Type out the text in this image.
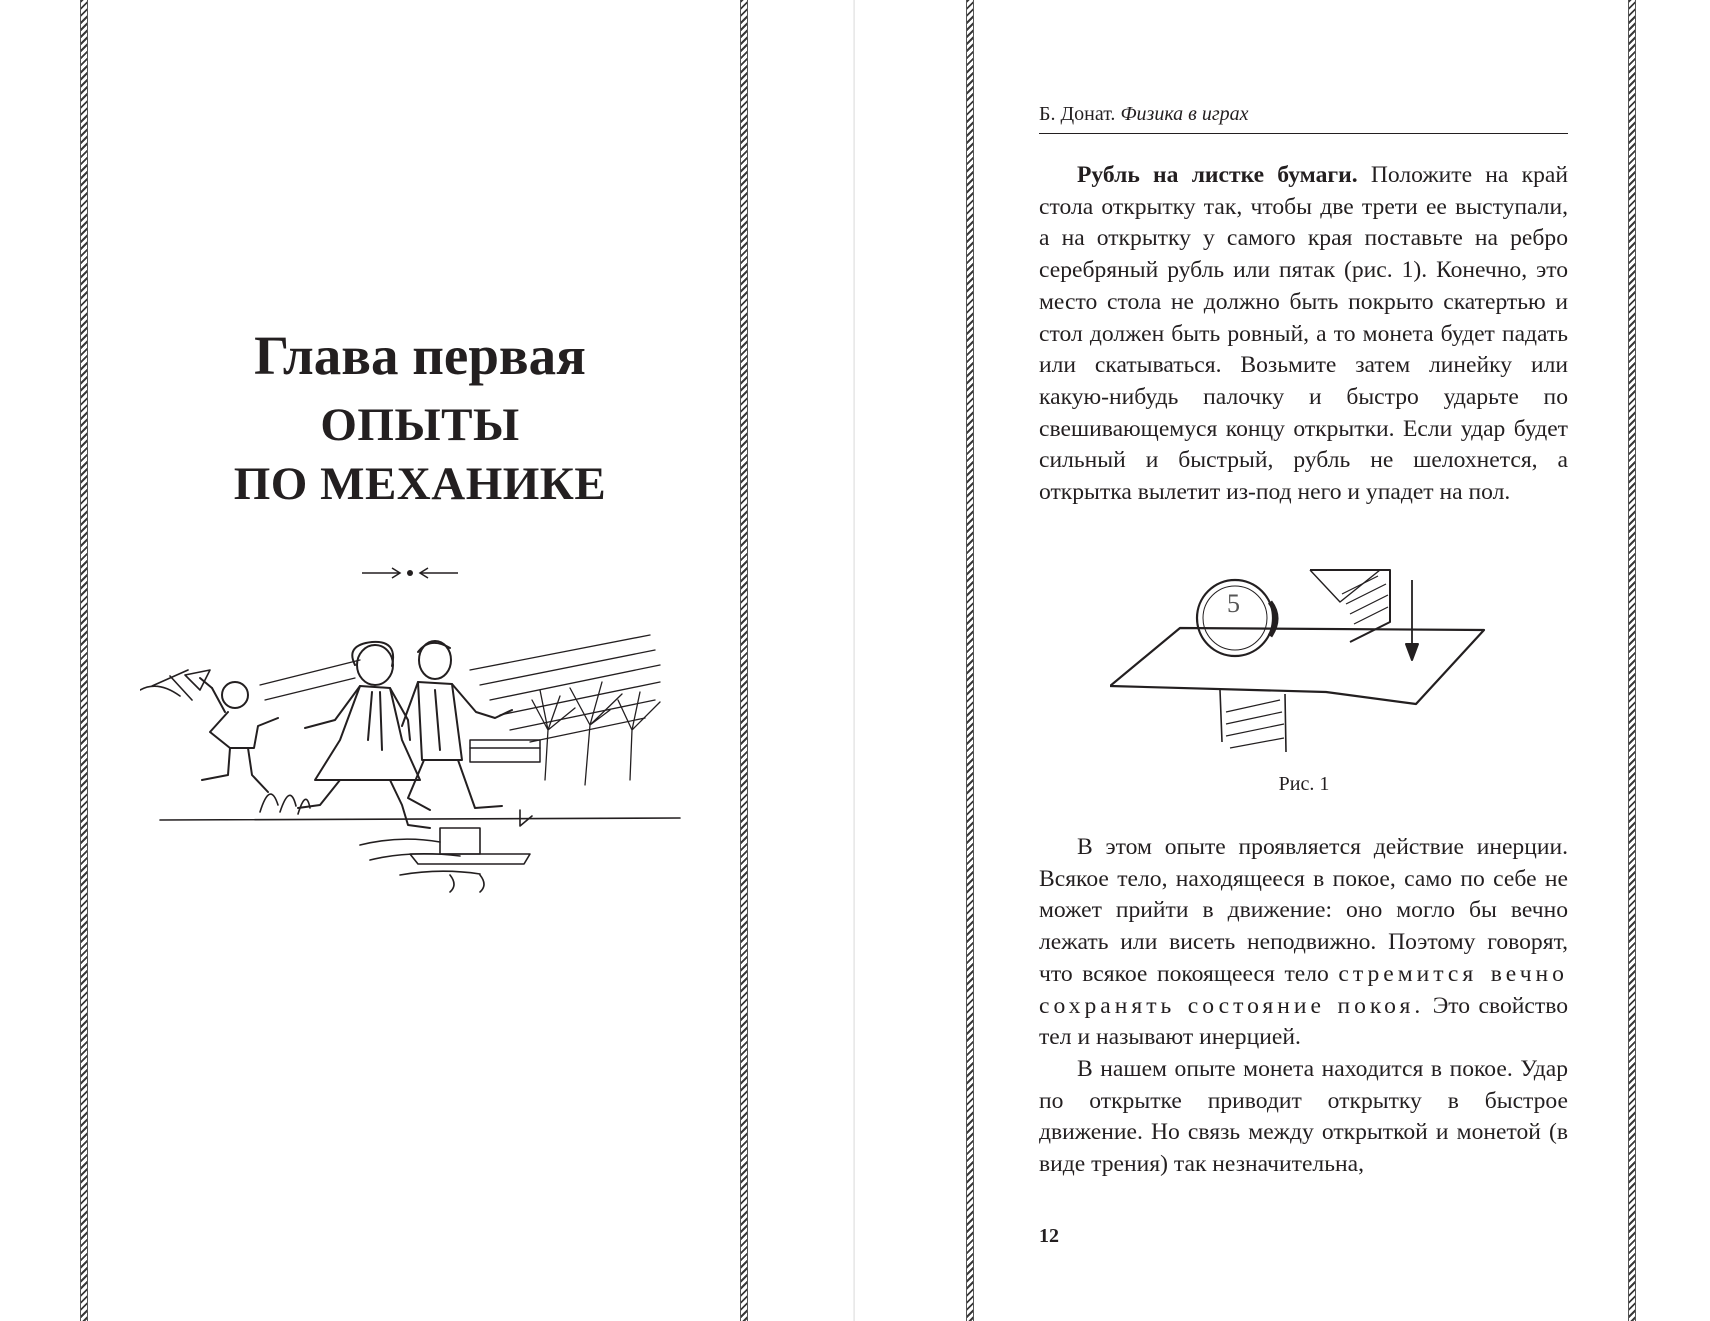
Глава первая
ОПЫТЫ
ПО МЕХАНИКЕ
Б. Донат. Физика в играх

Рубль на листке бумаги. Положите на край стола открытку так, чтобы две трети ее выступали, а на открытку у самого края поставьте на ребро серебряный рубль или пятак (рис. 1). Конечно, это место стола не должно быть покрыто скатертью и стол должен быть ровный, а то монета будет падать или скатываться. Возьмите затем линейку или какую-нибудь палочку и быстро ударьте по свешивающемуся концу открытки. Если удар будет сильный и быстрый, рубль не шелохнется, а открытка вылетит из-под него и упадет на пол.

5
Рис. 1

В этом опыте проявляется действие инерции. Всякое тело, находящееся в покое, само по себе не может прийти в движение: оно могло бы вечно лежать или висеть неподвижно. Поэтому говорят, что всякое покоящееся тело стремится вечно сохранять состояние покоя. Это свойство тел и называют инерцией.

В нашем опыте монета находится в покое. Удар по открытке приводит открытку в быстрое движение. Но связь между открыткой и монетой (в виде трения) так незначительна,

12
